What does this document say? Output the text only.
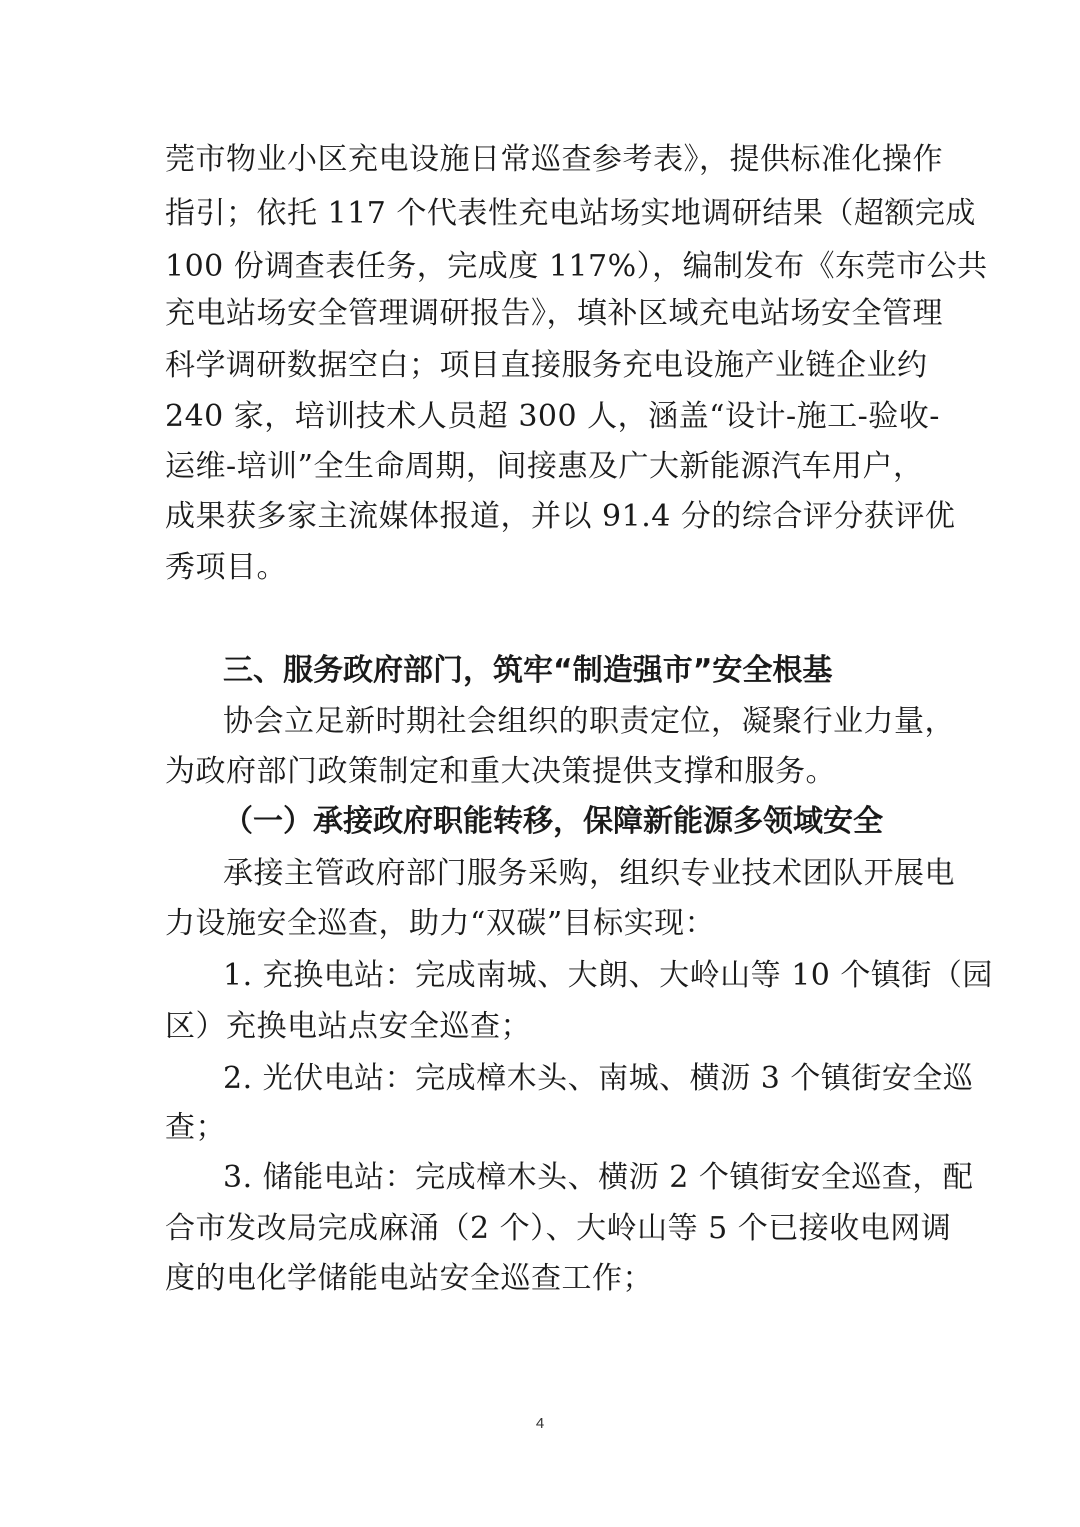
莞市物业小区充电设施日常巡查参考表》，提供标准化操作
指引；依托 117 个代表性充电站场实地调研结果（超额完成
100 份调查表任务，完成度 117%），编制发布《东莞市公共
充电站场安全管理调研报告》，填补区域充电站场安全管理
科学调研数据空白；项目直接服务充电设施产业链企业约
240 家，培训技术人员超 300 人，涵盖“设计-施工-验收-
运维-培训”全生命周期，间接惠及广大新能源汽车用户，
成果获多家主流媒体报道，并以 91.4 分的综合评分获评优
秀项目。
三、服务政府部门，筑牢“制造强市”安全根基
协会立足新时期社会组织的职责定位，凝聚行业力量，
为政府部门政策制定和重大决策提供支撑和服务。
（一）承接政府职能转移，保障新能源多领域安全
承接主管政府部门服务采购，组织专业技术团队开展电
力设施安全巡查，助力“双碳”目标实现：
1. 充换电站：完成南城、大朗、大岭山等 10 个镇街（园
区）充换电站点安全巡查；
2. 光伏电站：完成樟木头、南城、横沥 3 个镇街安全巡
查；
3. 储能电站：完成樟木头、横沥 2 个镇街安全巡查，配
合市发改局完成麻涌（2 个）、大岭山等 5 个已接收电网调
度的电化学储能电站安全巡查工作；
4
